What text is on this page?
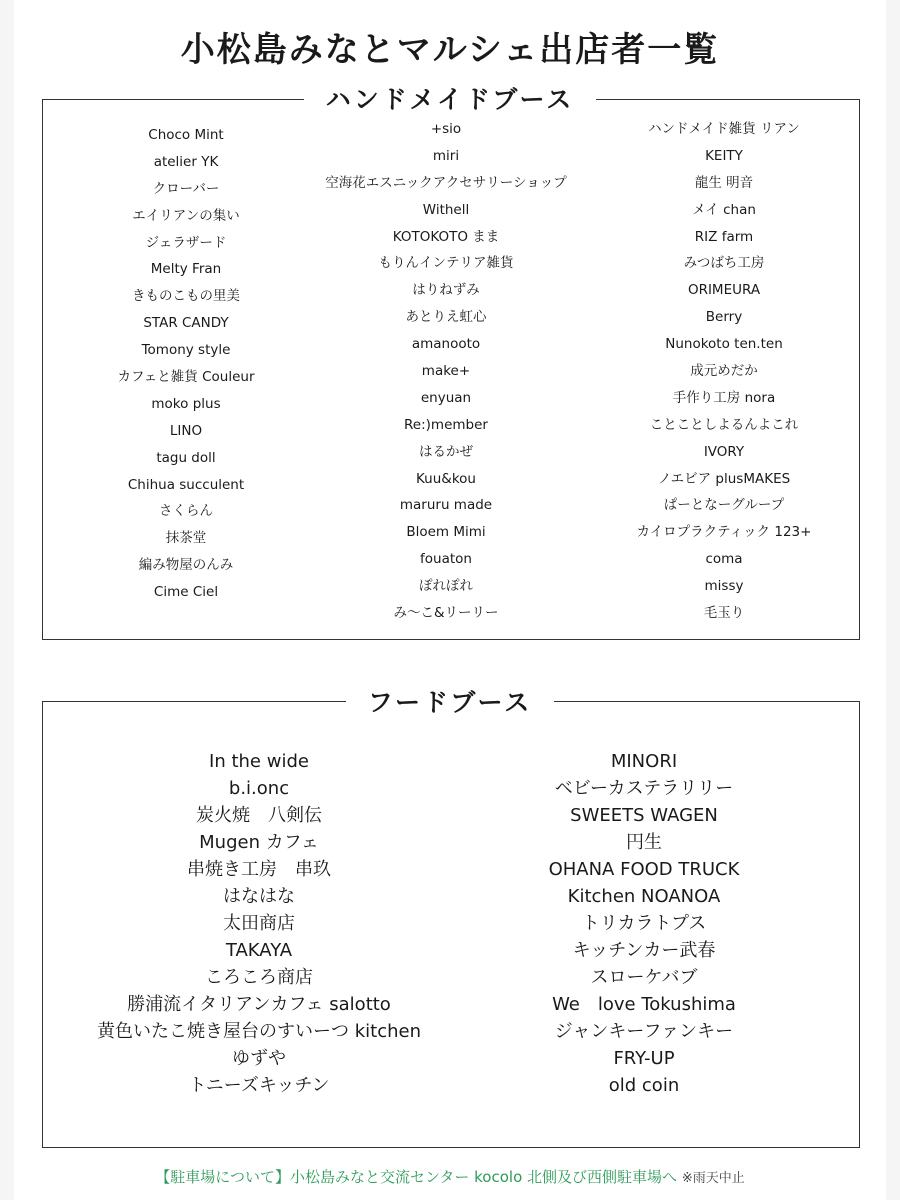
小松島みなとマルシェ出店者一覧
ハンドメイドブース
Choco Mint
atelier YK
クローバー
エイリアンの集い
ジェラザード
Melty Fran
きものこもの里美
STAR CANDY
Tomony style
カフェと雑貨 Couleur
moko plus
LINO
tagu doll
Chihua succulent
さくらん
抹茶堂
編み物屋のんみ
Cime Ciel
+sio
miri
空海花エスニックアクセサリーショップ
Withell
KOTOKOTO まま
もりんインテリア雑貨
はりねずみ
あとりえ虹心
amanooto
make+
enyuan
Re:)member
はるかぜ
Kuu&kou
maruru made
Bloem Mimi
fouaton
ぽれぽれ
み〜こ&リーリー
ハンドメイド雑貨 リアン
KEITY
龍生 明音
メイ chan
RIZ farm
みつばち工房
ORIMEURA
Berry
Nunokoto ten.ten
成元めだか
手作り工房 nora
ことことしよるんよこれ
IVORY
ノエビア plusMAKES
ぱーとなーグループ
カイロプラクティック 123+
coma
missy
毛玉り
フードブース
In the wide
b.i.onc
炭火焼　八剣伝
Mugen カフェ
串焼き工房　串玖
はなはな
太田商店
TAKAYA
ころころ商店
勝浦流イタリアンカフェ salotto
黄色いたこ焼き屋台のすいーつ kitchen
ゆずや
トニーズキッチン
MINORI
ベビーカステラリリー
SWEETS WAGEN
円生
OHANA FOOD TRUCK
Kitchen NOANOA
トリカラトプス
キッチンカー武春
スローケバブ
We　love Tokushima
ジャンキーファンキー
FRY-UP
old coin
【駐車場について】小松島みなと交流センター kocolo 北側及び西側駐車場へ ※雨天中止
